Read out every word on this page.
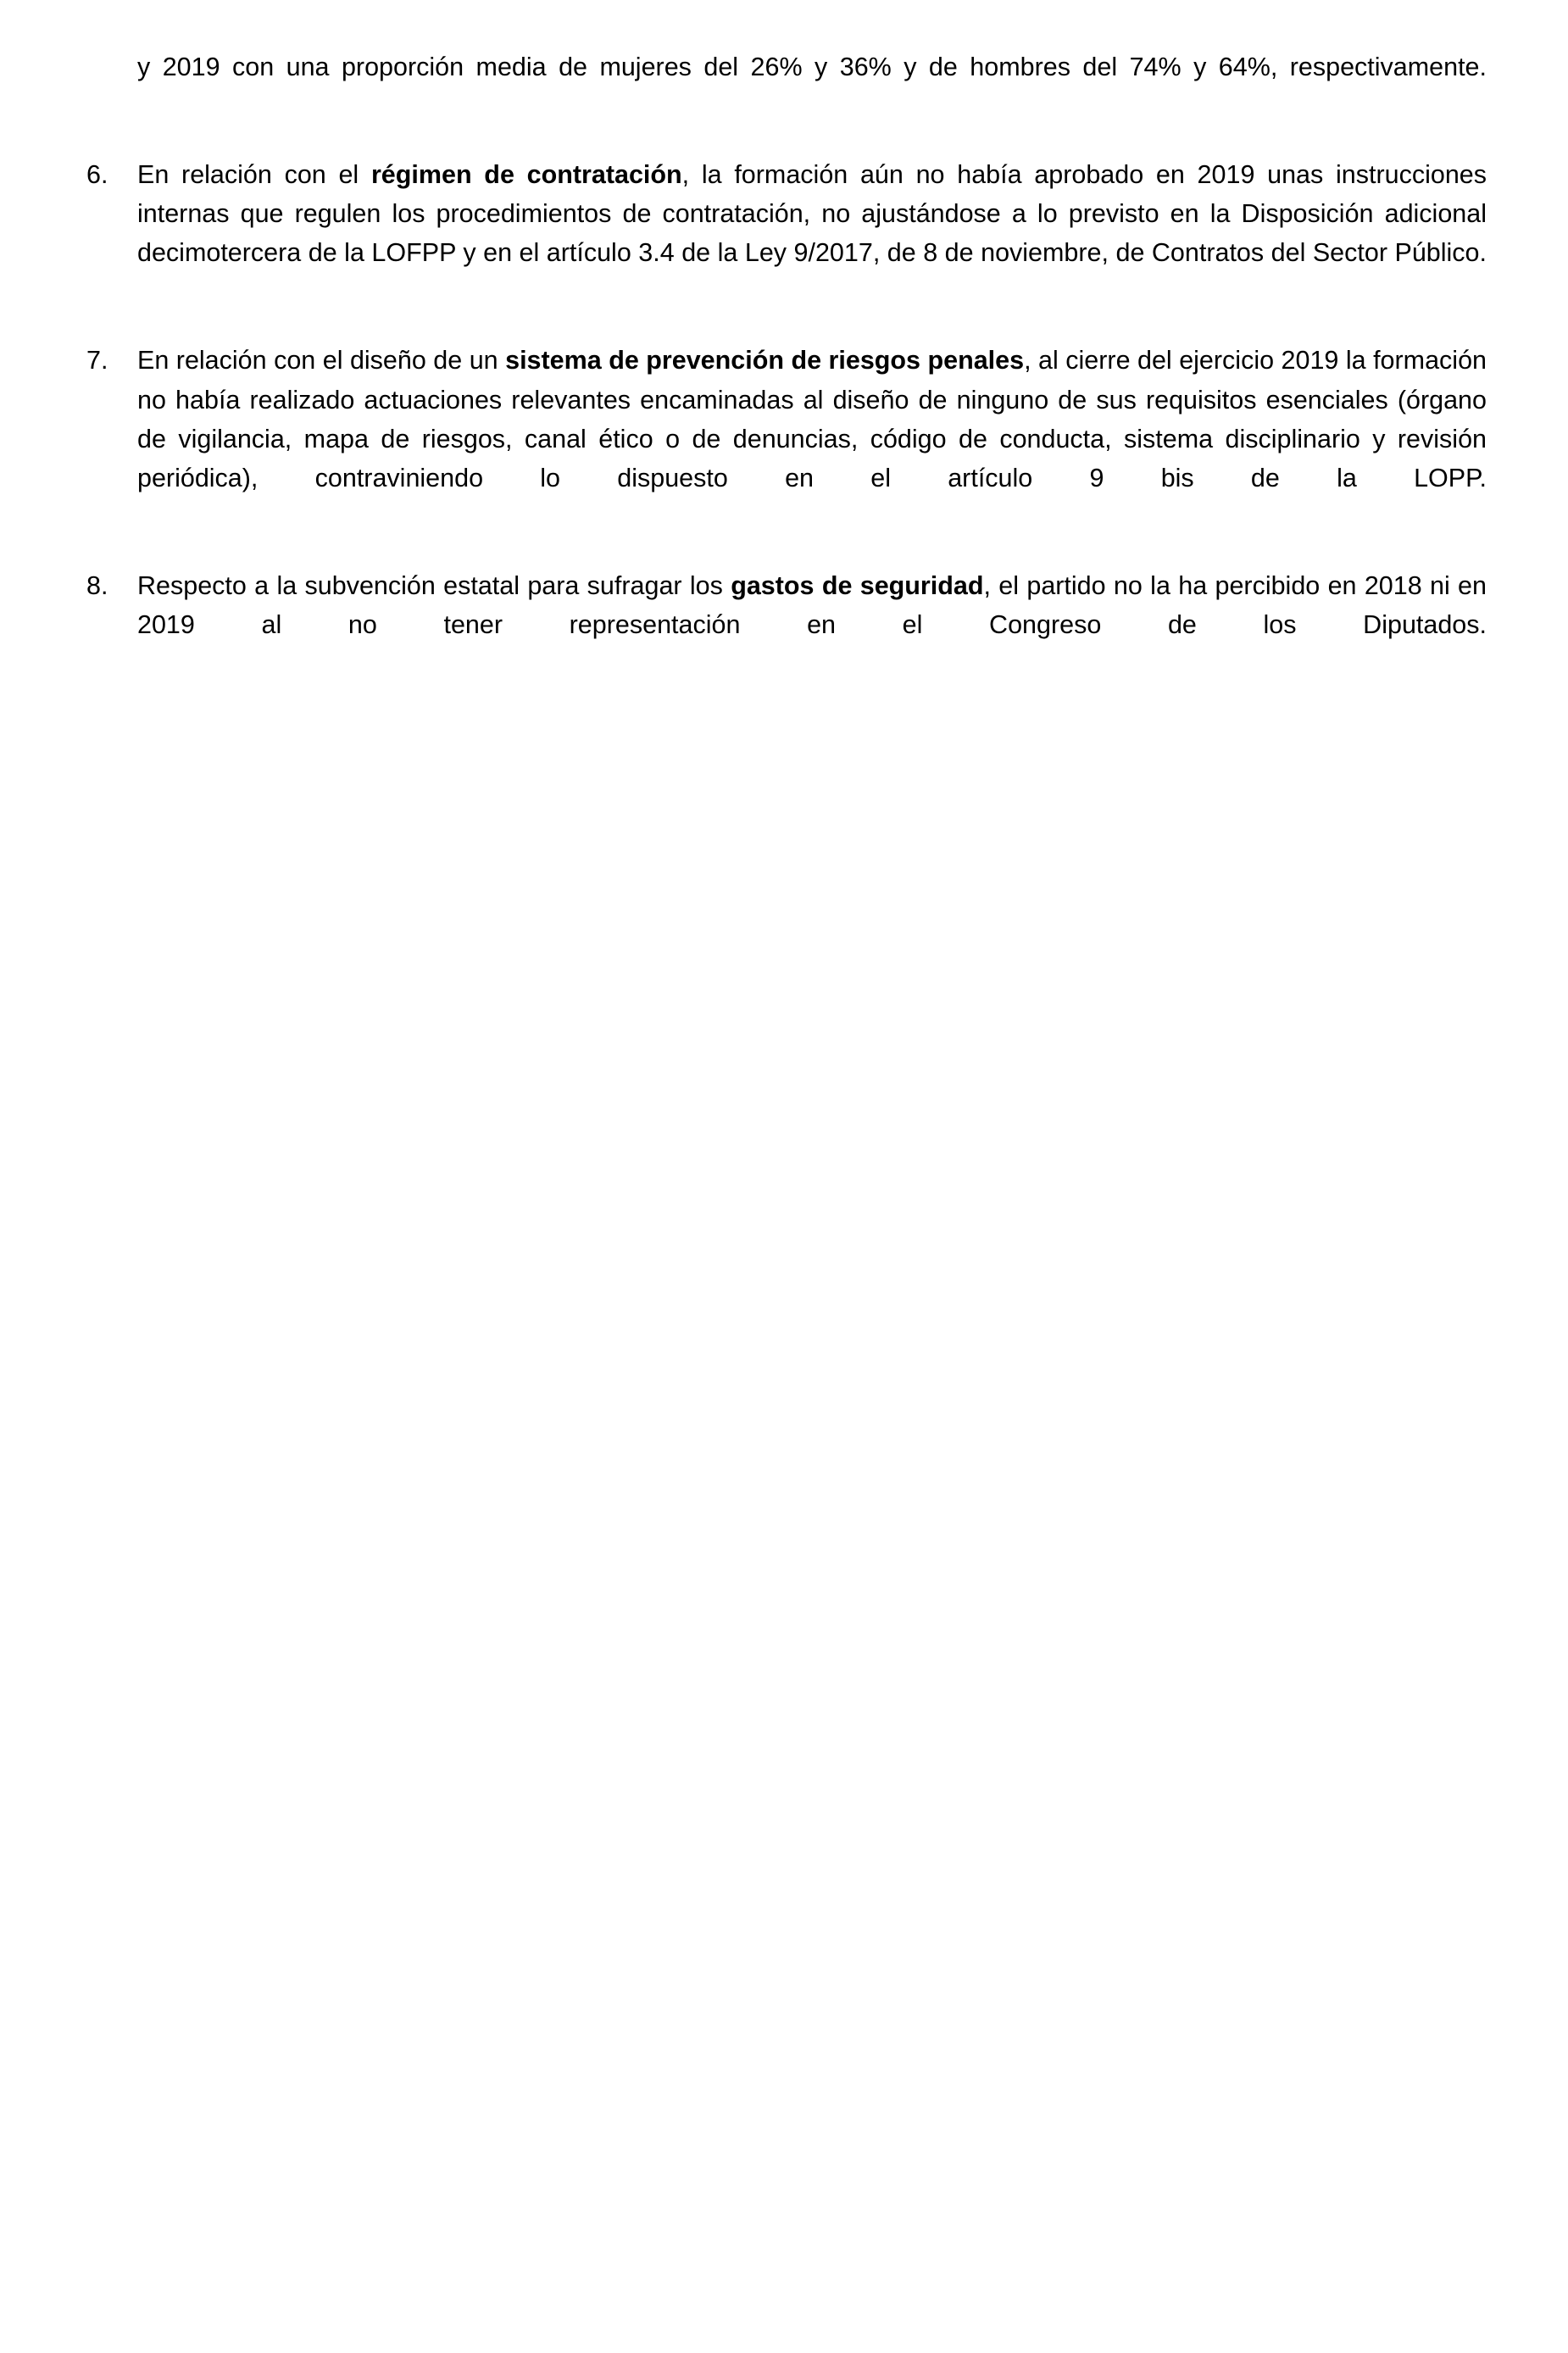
y 2019 con una proporción media de mujeres del 26% y 36% y de hombres del 74% y 64%, respectivamente.

6.	En relación con el régimen de contratación, la formación aún no había aprobado en 2019 unas instrucciones internas que regulen los procedimientos de contratación, no ajustándose a lo previsto en la Disposición adicional decimotercera de la LOFPP y en el artículo 3.4 de la Ley 9/2017, de 8 de noviembre, de Contratos del Sector Público.
7.	En relación con el diseño de un sistema de prevención de riesgos penales, al cierre del ejercicio 2019 la formación no había realizado actuaciones relevantes encaminadas al diseño de ninguno de sus requisitos esenciales (órgano de vigilancia, mapa de riesgos, canal ético o de denuncias, código de conducta, sistema disciplinario y revisión periódica), contraviniendo lo dispuesto en el artículo 9 bis de la LOPP.
8.	Respecto a la subvención estatal para sufragar los gastos de seguridad, el partido no la ha percibido en 2018 ni en 2019 al no tener representación en el Congreso de los Diputados.
